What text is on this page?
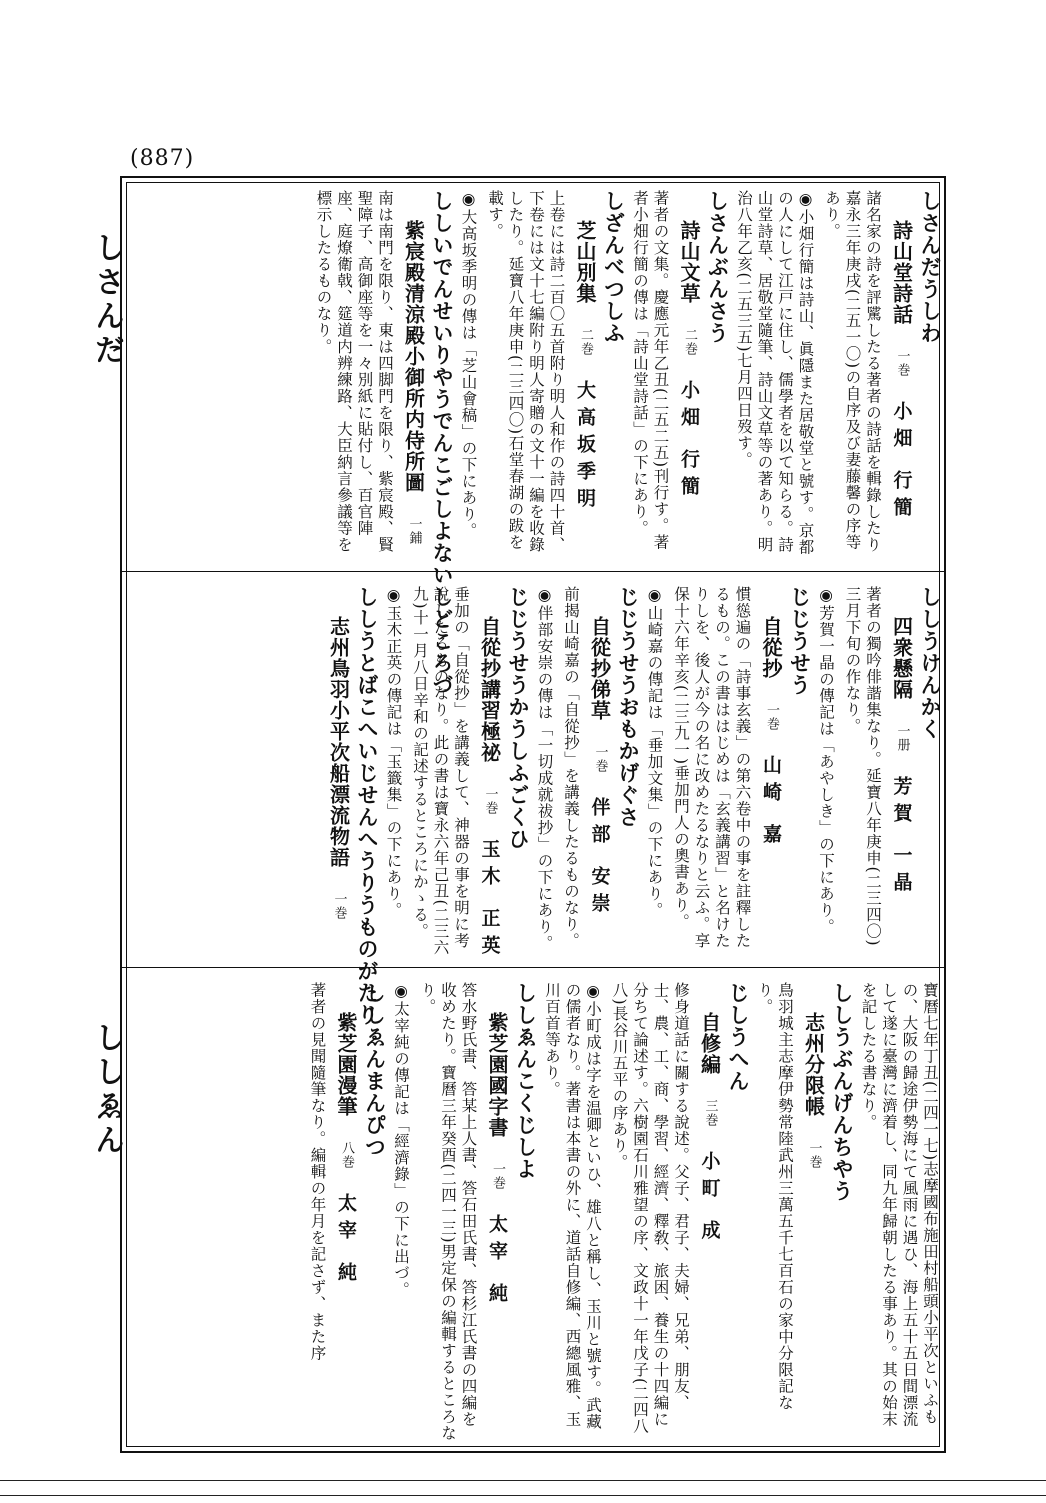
(887)
しさんだ
ししゑん
しさんだうしわ
詩山堂詩話一巻小畑 行簡
諸名家の詩を評騭したる著者の詩話を輯錄したり嘉永三年庚戌(二五一〇)の自序及び妻藤馨の序等あり。
◉小畑行簡は詩山、眞隱また居敬堂と號す。京都の人にして江戸に住し、儒學者を以て知らる。詩山堂詩草、居敬堂隨筆、詩山文草等の著あり。明治八年乙亥(二五三五)七月四日歿す。
しさんぶんさう
詩山文草二巻小畑 行簡
著者の文集。慶應元年乙丑(二五二五)刊行す。著者小畑行簡の傳は「詩山堂詩話」の下にあり。
しざんべつしふ
芝山別集二巻大高坂季明
上卷には詩二百〇五首附り明人和作の詩四十首、下卷には文十七編附り明人寄贈の文十一編を收錄したり。延寶八年庚申(二三四〇)石堂春湖の跋を載す。
◉大高坂季明の傳は「芝山會稿」の下にあり。
ししいでんせいりやうでんこごしよないしどころづ
紫宸殿清涼殿小御所内侍所圖一鋪
南は南門を限り、東は四脚門を限り、紫宸殿、賢聖障子、高御座等を一々別紙に貼付し、百官陣座、庭燎衛戟、筵道内辨練路、大臣納言參議等を標示したるものなり。
ししうけんかく
四衆懸隔一册芳賀 一晶
著者の獨吟俳諧集なり。延寶八年庚申(二三四〇)三月下旬の作なり。
◉芳賀一晶の傳記は「あやしき」の下にあり。
じじうせう
自從抄一巻山崎 嘉
慣慫遍の「詩事玄義」の第六卷中の事を註釋したるもの。この書ははじめは「玄義講習」と名けたりしを、後人が今の名に改めたるなりと云ふ。享保十六年辛亥(二三九一)垂加門人の奧書あり。
◉山崎嘉の傳記は「垂加文集」の下にあり。
じじうせうおもかげぐさ
自從抄俤草一巻伴部 安崇
前揭山崎嘉の「自從抄」を講義したるものなり。
◉伴部安崇の傳は「一切成就祓抄」の下にあり。
じじうせうかうしふごくひ
自從抄講習極祕一巻玉木 正英
垂加の「自從抄」を講義して、神器の事を明に考說したるものなり。此の書は寶永六年己丑(二三六九)十一月八日辛和の記述するところにかゝる。
◉玉木正英の傳記は「玉籤集」の下にあり。
ししうとばこへいじせんへうりうものがたり
志州鳥羽小平次船漂流物語一巻
寶曆七年丁丑(二四一七)志摩國布施田村船頭小平次といふもの、大阪の歸途伊勢海にて風雨に遇ひ、海上五十五日間漂流して遂に臺灣に濟着し、同九年歸朝したる事あり。其の始末を記したる書なり。
ししうぶんげんちやう
志州分限帳一巻
鳥羽城主志摩伊勢常陸武州三萬五千七百石の家中分限記なり。
じしうへん
自修編三巻小町 成
修身道話に關する說述。父子、君子、夫婦、兄弟、朋友、士、農、工、商、學習、經濟、釋敎、旅困、養生の十四編に分ちて論述す。六樹園石川雅望の序、文政十一年戊子(二四八八)長谷川五平の序あり。
◉小町成は字を温卿といひ、雄八と稱し、玉川と號す。武藏の儒者なり。著書は本書の外に、道話自修編、西總風雅、玉川百首等あり。
ししゑんこくじしよ
紫芝園國字書一巻太宰 純
答水野氏書、答某上人書、答石田氏書、答杉江氏書の四編を收めたり。寶曆三年癸酉(二四一三)男定保の編輯するところなり。
◉太宰純の傳記は「經濟錄」の下に出づ。
ししゑんまんぴつ
紫芝園漫筆八巻太宰 純
著者の見聞隨筆なり。編輯の年月を記さず、また序
